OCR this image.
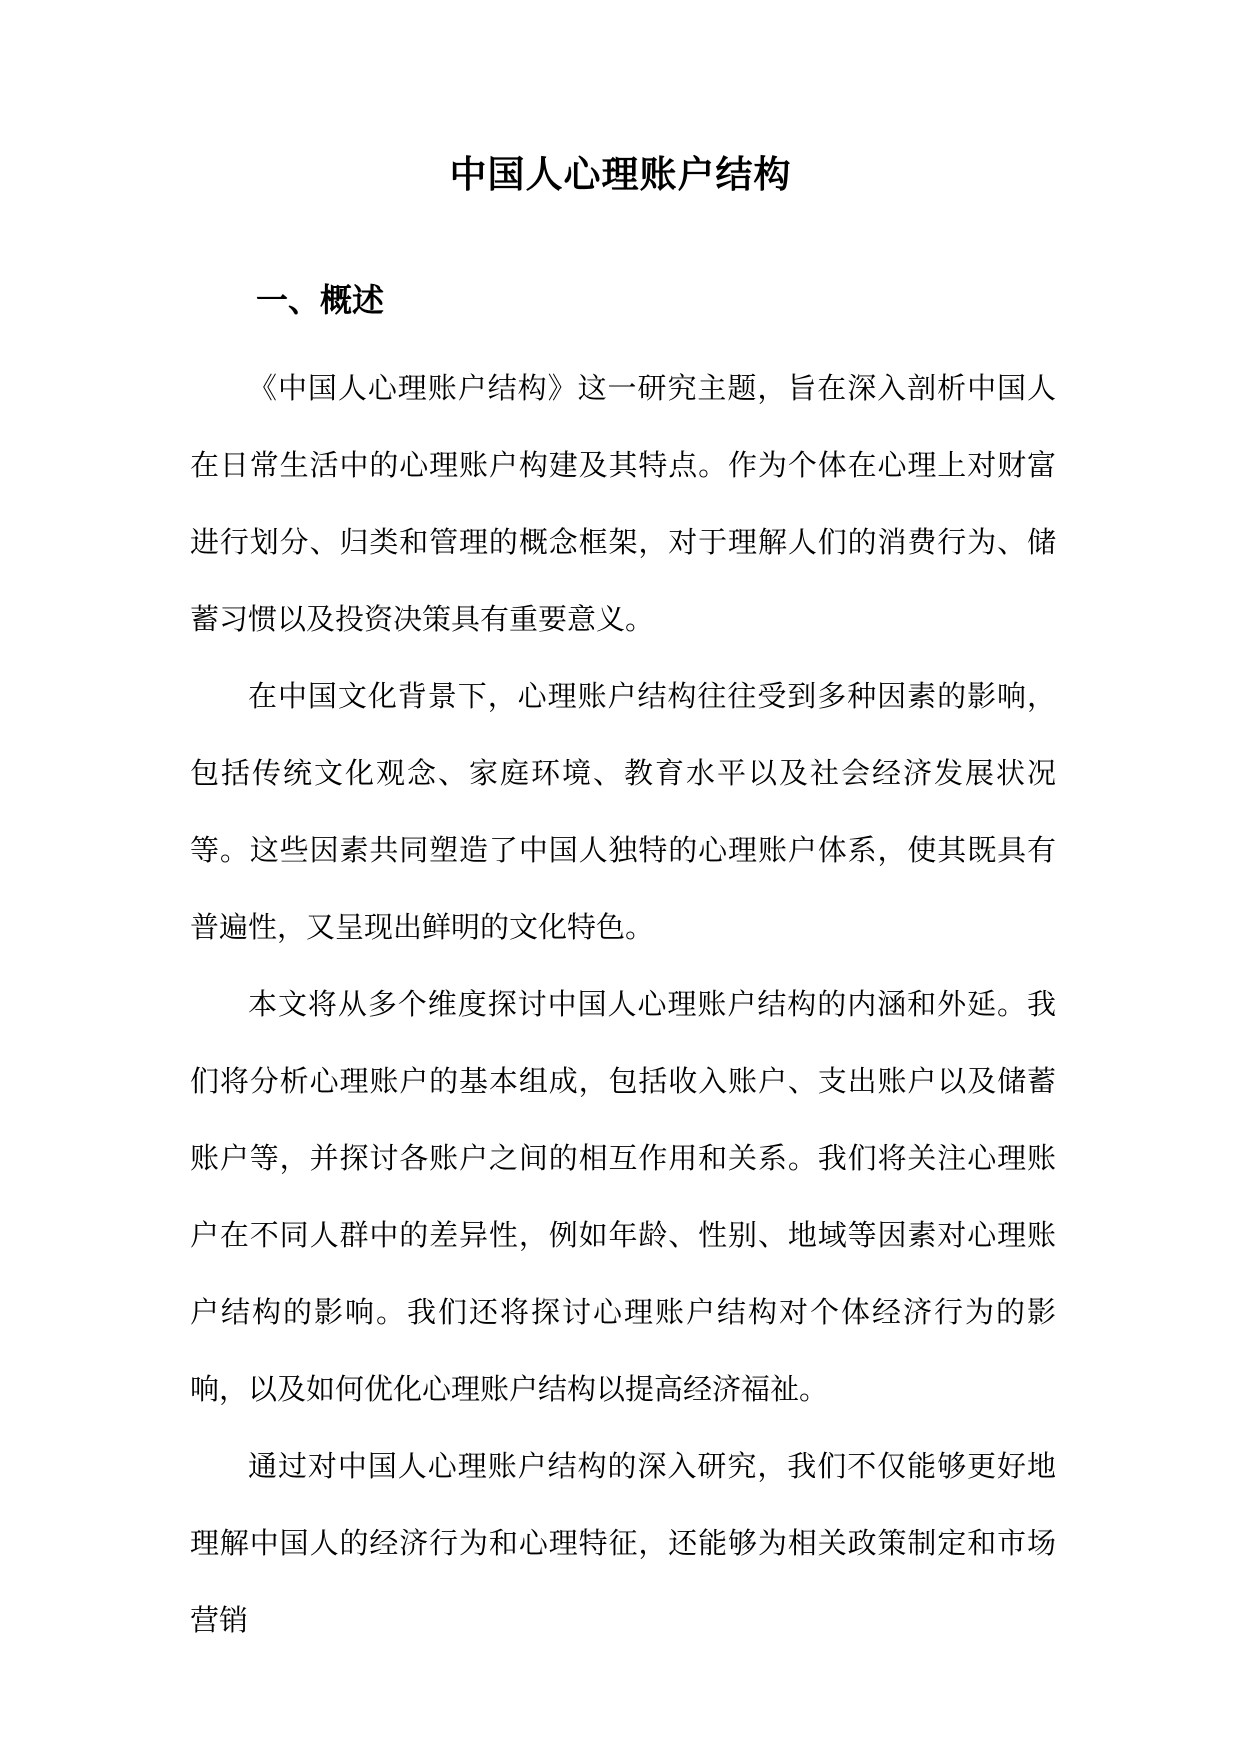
中国人心理账户结构
一、概述

《中国人心理账户结构》这一研究主题，旨在深入剖析中国人在日常生活中的心理账户构建及其特点。作为个体在心理上对财富进行划分、归类和管理的概念框架，对于理解人们的消费行为、储蓄习惯以及投资决策具有重要意义。

在中国文化背景下，心理账户结构往往受到多种因素的影响，包括传统文化观念、家庭环境、教育水平以及社会经济发展状况等。这些因素共同塑造了中国人独特的心理账户体系，使其既具有普遍性，又呈现出鲜明的文化特色。

本文将从多个维度探讨中国人心理账户结构的内涵和外延。我们将分析心理账户的基本组成，包括收入账户、支出账户以及储蓄账户等，并探讨各账户之间的相互作用和关系。我们将关注心理账户在不同人群中的差异性，例如年龄、性别、地域等因素对心理账户结构的影响。我们还将探讨心理账户结构对个体经济行为的影响，以及如何优化心理账户结构以提高经济福祉。

通过对中国人心理账户结构的深入研究，我们不仅能够更好地理解中国人的经济行为和心理特征，还能够为相关政策制定和市场营销
